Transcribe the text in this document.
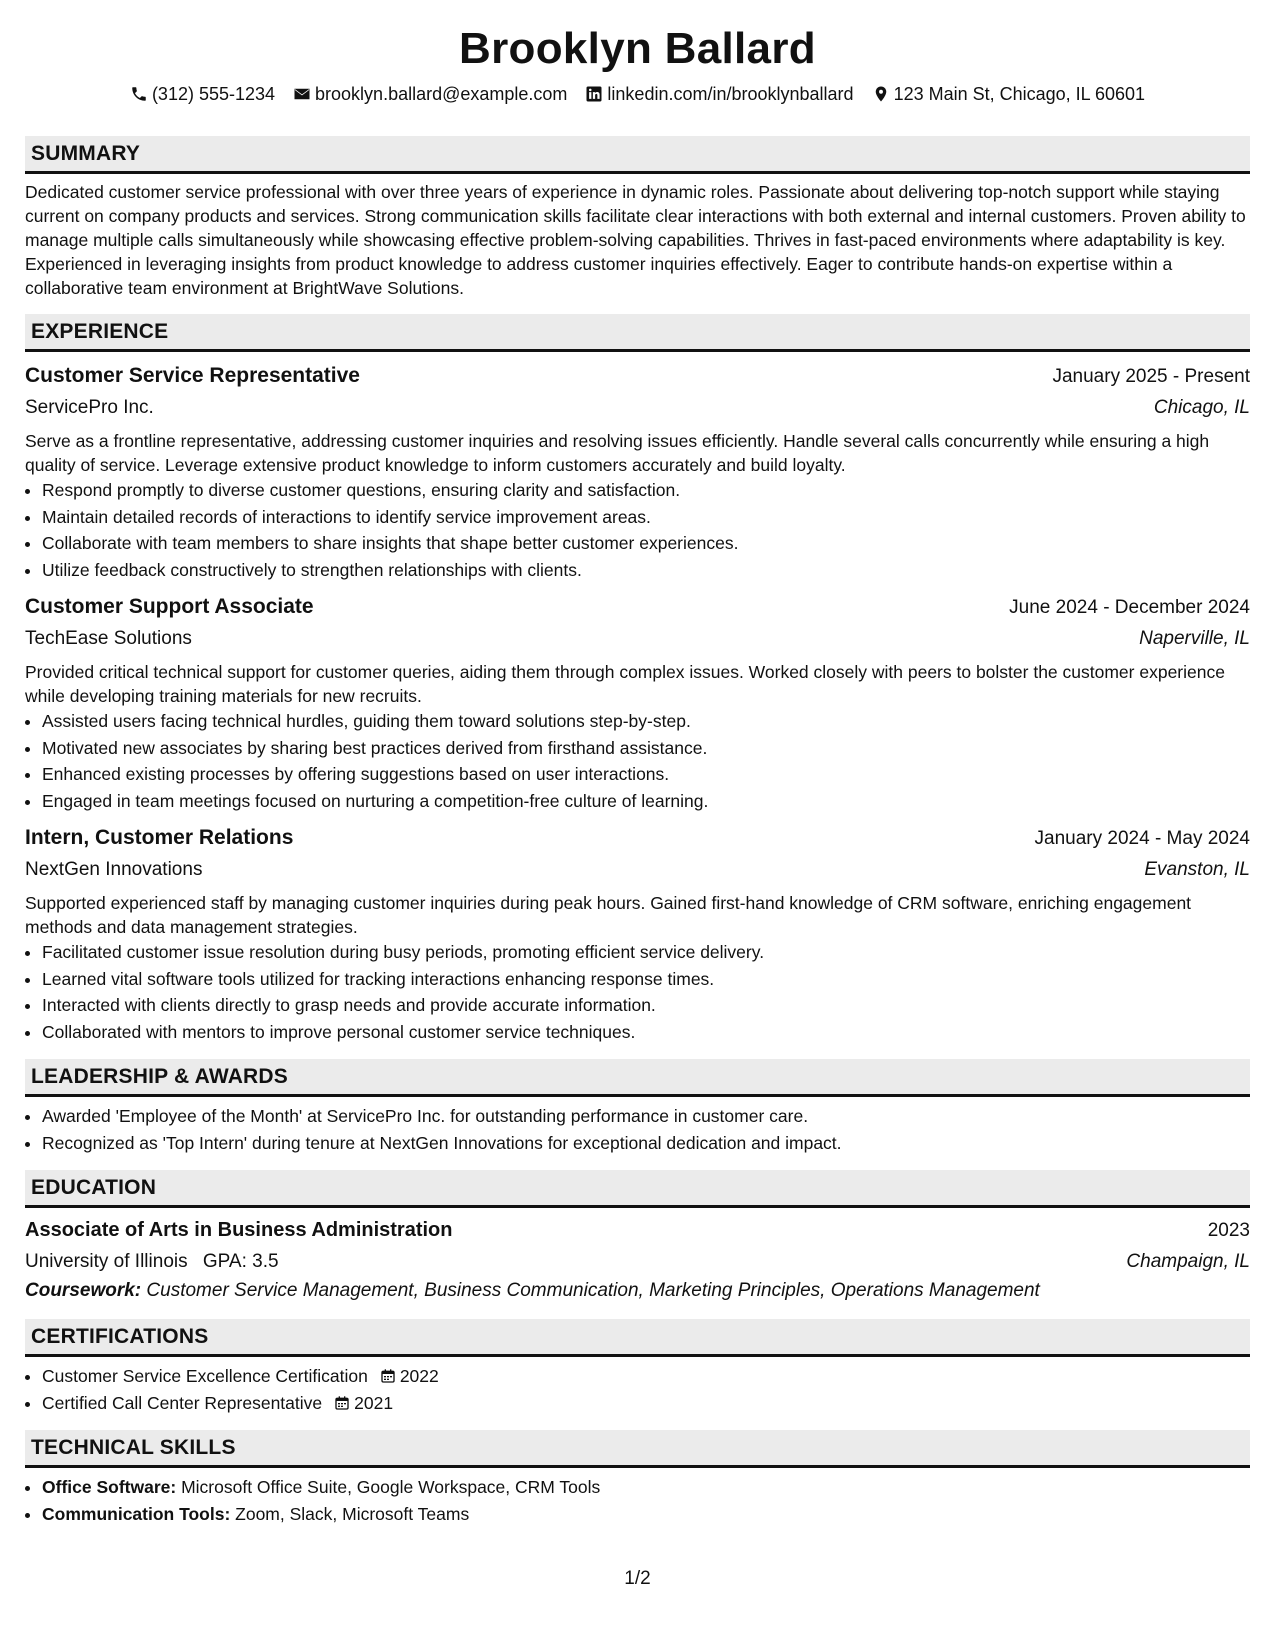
Brooklyn Ballard
(312) 555-1234 brooklyn.ballard@example.com linkedin.com/in/brooklynballard 123 Main St, Chicago, IL 60601
SUMMARY
Dedicated customer service professional with over three years of experience in dynamic roles. Passionate about delivering top-notch support while staying current on company products and services. Strong communication skills facilitate clear interactions with both external and internal customers. Proven ability to manage multiple calls simultaneously while showcasing effective problem-solving capabilities. Thrives in fast-paced environments where adaptability is key. Experienced in leveraging insights from product knowledge to address customer inquiries effectively. Eager to contribute hands-on expertise within a collaborative team environment at BrightWave Solutions.
EXPERIENCE
Customer Service Representative	January 2025 - Present
ServicePro Inc.	Chicago, IL
Serve as a frontline representative, addressing customer inquiries and resolving issues efficiently. Handle several calls concurrently while ensuring a high quality of service. Leverage extensive product knowledge to inform customers accurately and build loyalty.
• Respond promptly to diverse customer questions, ensuring clarity and satisfaction.
• Maintain detailed records of interactions to identify service improvement areas.
• Collaborate with team members to share insights that shape better customer experiences.
• Utilize feedback constructively to strengthen relationships with clients.
Customer Support Associate	June 2024 - December 2024
TechEase Solutions	Naperville, IL
Provided critical technical support for customer queries, aiding them through complex issues. Worked closely with peers to bolster the customer experience while developing training materials for new recruits.
• Assisted users facing technical hurdles, guiding them toward solutions step-by-step.
• Motivated new associates by sharing best practices derived from firsthand assistance.
• Enhanced existing processes by offering suggestions based on user interactions.
• Engaged in team meetings focused on nurturing a competition-free culture of learning.
Intern, Customer Relations	January 2024 - May 2024
NextGen Innovations	Evanston, IL
Supported experienced staff by managing customer inquiries during peak hours. Gained first-hand knowledge of CRM software, enriching engagement methods and data management strategies.
• Facilitated customer issue resolution during busy periods, promoting efficient service delivery.
• Learned vital software tools utilized for tracking interactions enhancing response times.
• Interacted with clients directly to grasp needs and provide accurate information.
• Collaborated with mentors to improve personal customer service techniques.
LEADERSHIP & AWARDS
• Awarded 'Employee of the Month' at ServicePro Inc. for outstanding performance in customer care.
• Recognized as 'Top Intern' during tenure at NextGen Innovations for exceptional dedication and impact.
EDUCATION
Associate of Arts in Business Administration	2023
University of Illinois GPA: 3.5	Champaign, IL
Coursework: Customer Service Management, Business Communication, Marketing Principles, Operations Management
CERTIFICATIONS
• Customer Service Excellence Certification 2022
• Certified Call Center Representative 2021
TECHNICAL SKILLS
• Office Software: Microsoft Office Suite, Google Workspace, CRM Tools
• Communication Tools: Zoom, Slack, Microsoft Teams
1/2
